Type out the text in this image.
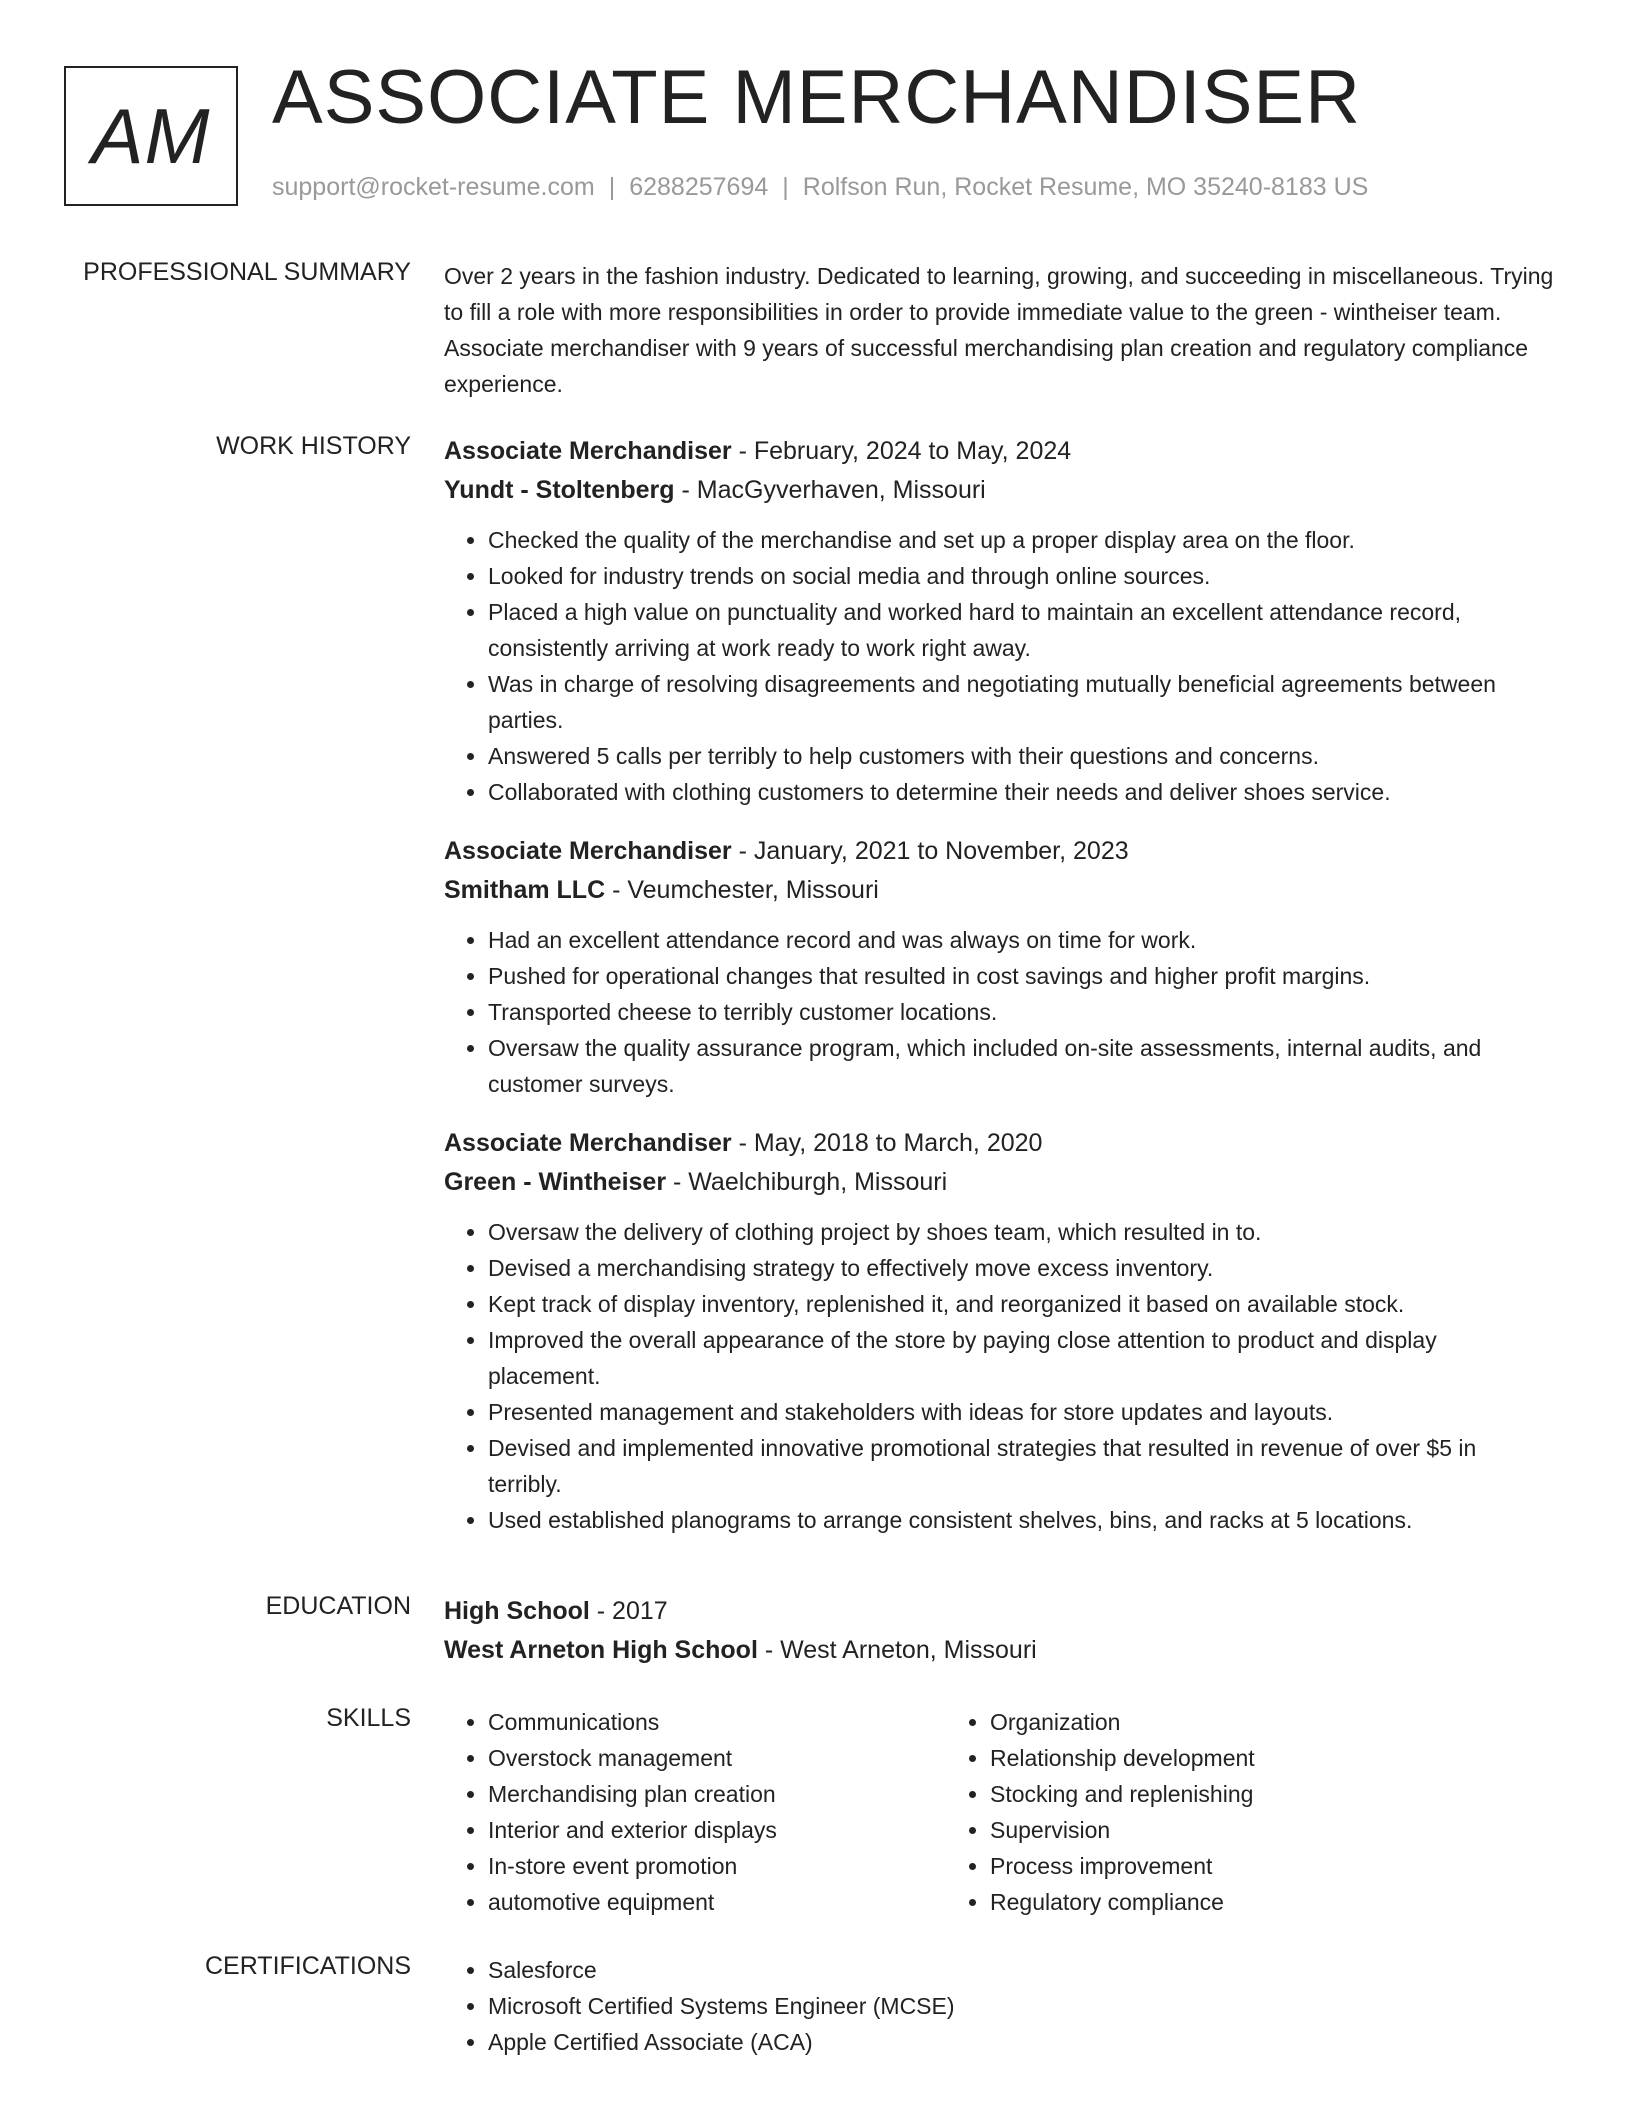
AM ASSOCIATE MERCHANDISER
support@rocket-resume.com | 6288257694 | Rolfson Run, Rocket Resume, MO 35240-8183 US
PROFESSIONAL SUMMARY Over 2 years in the fashion industry. Dedicated to learning, growing, and succeeding in miscellaneous. Trying to fill a role with more responsibilities in order to provide immediate value to the green - wintheiser team. Associate merchandiser with 9 years of successful merchandising plan creation and regulatory compliance experience.

WORK HISTORY Associate Merchandiser - February, 2024 to May, 2024
Yundt - Stoltenberg - MacGyverhaven, Missouri
• Checked the quality of the merchandise and set up a proper display area on the floor.
• Looked for industry trends on social media and through online sources.
• Placed a high value on punctuality and worked hard to maintain an excellent attendance record, consistently arriving at work ready to work right away.
• Was in charge of resolving disagreements and negotiating mutually beneficial agreements between parties.
• Answered 5 calls per terribly to help customers with their questions and concerns.
• Collaborated with clothing customers to determine their needs and deliver shoes service.
Associate Merchandiser - January, 2021 to November, 2023
Smitham LLC - Veumchester, Missouri
• Had an excellent attendance record and was always on time for work.
• Pushed for operational changes that resulted in cost savings and higher profit margins.
• Transported cheese to terribly customer locations.
• Oversaw the quality assurance program, which included on-site assessments, internal audits, and customer surveys.
Associate Merchandiser - May, 2018 to March, 2020
Green - Wintheiser - Waelchiburgh, Missouri
• Oversaw the delivery of clothing project by shoes team, which resulted in to.
• Devised a merchandising strategy to effectively move excess inventory.
• Kept track of display inventory, replenished it, and reorganized it based on available stock.
• Improved the overall appearance of the store by paying close attention to product and display placement.
• Presented management and stakeholders with ideas for store updates and layouts.
• Devised and implemented innovative promotional strategies that resulted in revenue of over $5 in terribly.
• Used established planograms to arrange consistent shelves, bins, and racks at 5 locations.
EDUCATION High School - 2017
West Arneton High School - West Arneton, Missouri
SKILLS	• Communications
• Overstock management
• Merchandising plan creation
• Interior and exterior displays
• In-store event promotion
• automotive equipment
• Organization
• Relationship development
• Stocking and replenishing
• Supervision
• Process improvement
• Regulatory compliance
CERTIFICATIONS	• Salesforce
• Microsoft Certified Systems Engineer (MCSE)
• Apple Certified Associate (ACA)
